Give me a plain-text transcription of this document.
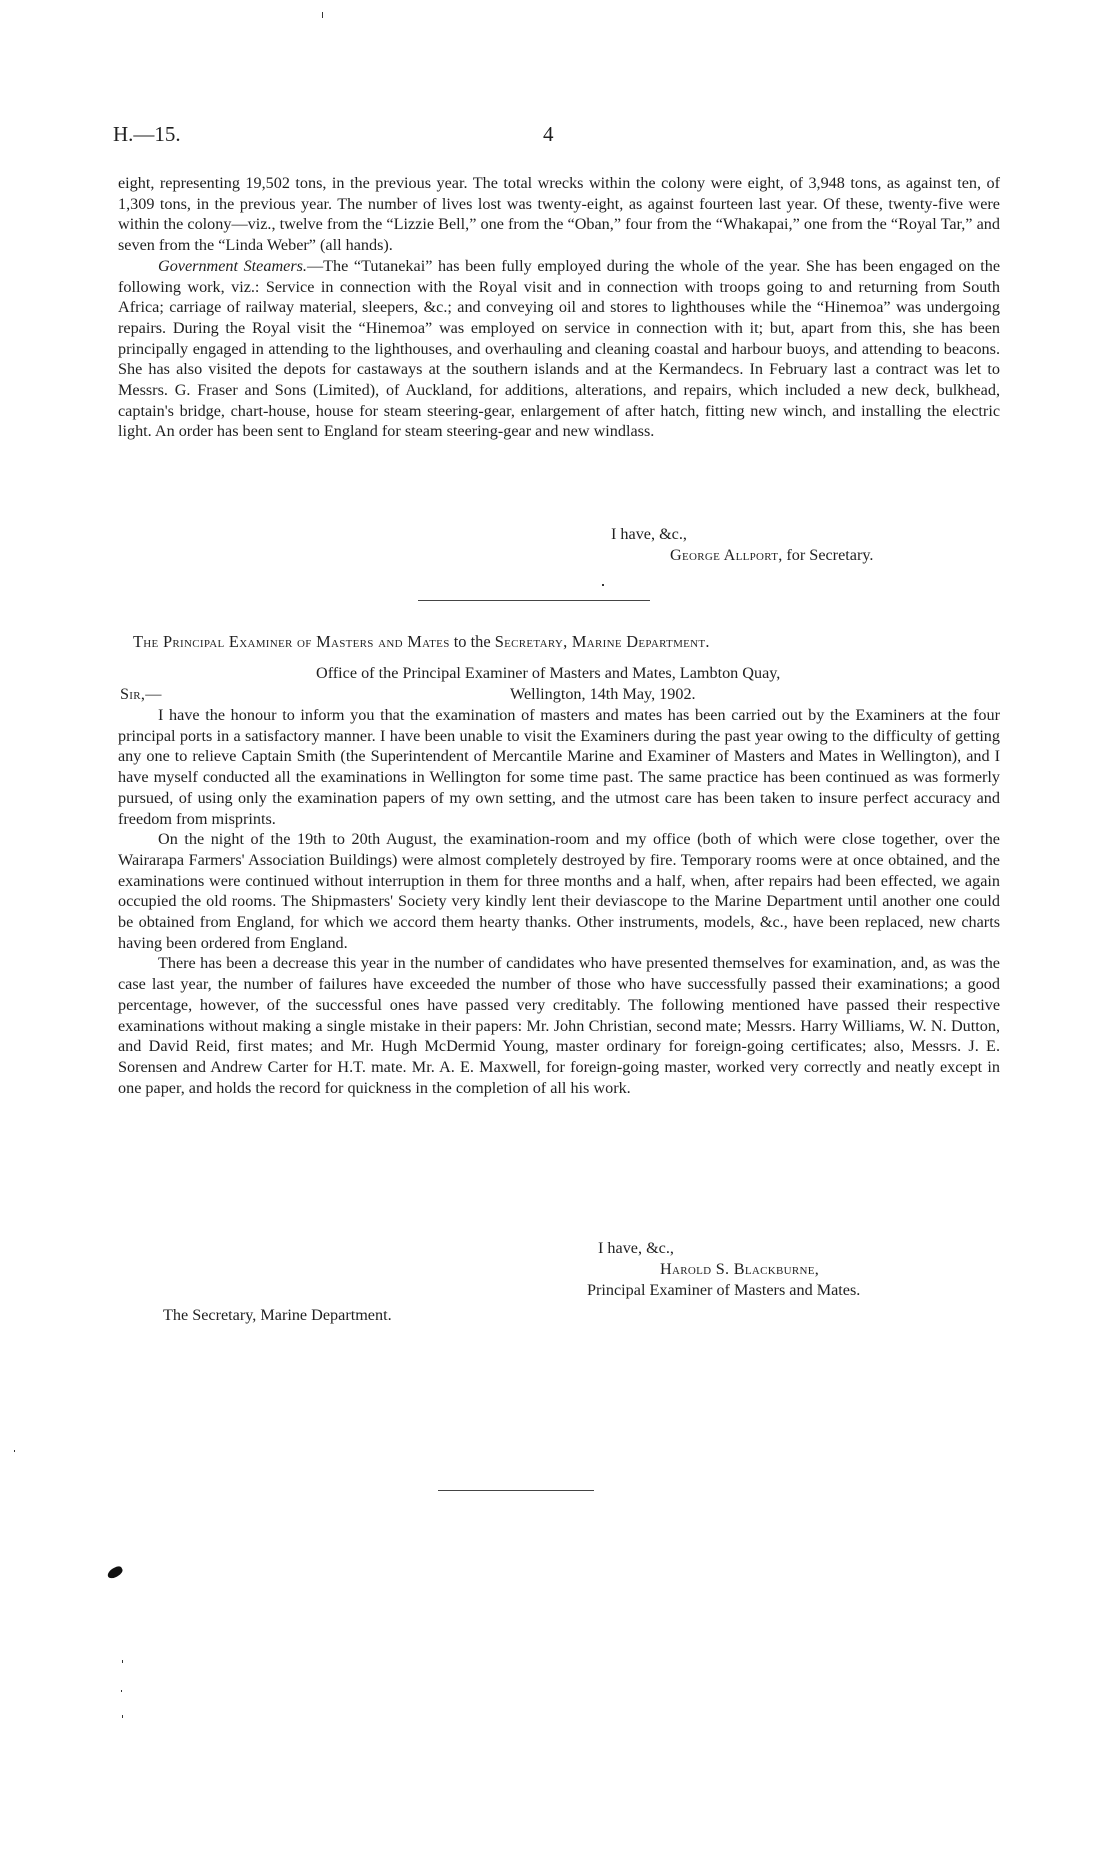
H.—15.	4

eight, representing 19,502 tons, in the previous year. The total wrecks within the colony were eight, of 3,948 tons, as against ten, of 1,309 tons, in the previous year. The number of lives lost was twenty-eight, as against fourteen last year. Of these, twenty-five were within the colony—viz., twelve from the “Lizzie Bell,” one from the “Oban,” four from the “Whakapai,” one from the “Royal Tar,” and seven from the “Linda Weber” (all hands).

Government Steamers.—The “Tutanekai” has been fully employed during the whole of the year. She has been engaged on the following work, viz.: Service in connection with the Royal visit and in connection with troops going to and returning from South Africa; carriage of railway material, sleepers, &c.; and conveying oil and stores to lighthouses while the “Hinemoa” was undergoing repairs. During the Royal visit the “Hinemoa” was employed on service in connection with it; but, apart from this, she has been principally engaged in attending to the lighthouses, and overhauling and cleaning coastal and harbour buoys, and attending to beacons. She has also visited the depots for castaways at the southern islands and at the Kermandecs. In February last a contract was let to Messrs. G. Fraser and Sons (Limited), of Auckland, for additions, alterations, and repairs, which included a new deck, bulkhead, captain's bridge, chart-house, house for steam steering-gear, enlargement of after hatch, fitting new winch, and installing the electric light. An order has been sent to England for steam steering-gear and new windlass.

I have, &c.,
George Allport, for Secretary.
The Principal Examiner of Masters and Mates to the Secretary, Marine Department.
Office of the Principal Examiner of Masters and Mates, Lambton Quay,
Sir,—	Wellington, 14th May, 1902.

I have the honour to inform you that the examination of masters and mates has been carried out by the Examiners at the four principal ports in a satisfactory manner. I have been unable to visit the Examiners during the past year owing to the difficulty of getting any one to relieve Captain Smith (the Superintendent of Mercantile Marine and Examiner of Masters and Mates in Wellington), and I have myself conducted all the examinations in Wellington for some time past. The same practice has been continued as was formerly pursued, of using only the examination papers of my own setting, and the utmost care has been taken to insure perfect accuracy and freedom from misprints.

On the night of the 19th to 20th August, the examination-room and my office (both of which were close together, over the Wairarapa Farmers' Association Buildings) were almost completely destroyed by fire. Temporary rooms were at once obtained, and the examinations were continued without interruption in them for three months and a half, when, after repairs had been effected, we again occupied the old rooms. The Shipmasters' Society very kindly lent their deviascope to the Marine Department until another one could be obtained from England, for which we accord them hearty thanks. Other instruments, models, &c., have been replaced, new charts having been ordered from England.

There has been a decrease this year in the number of candidates who have presented themselves for examination, and, as was the case last year, the number of failures have exceeded the number of those who have successfully passed their examinations; a good percentage, however, of the successful ones have passed very creditably. The following mentioned have passed their respective examinations without making a single mistake in their papers: Mr. John Christian, second mate; Messrs. Harry Williams, W. N. Dutton, and David Reid, first mates; and Mr. Hugh McDermid Young, master ordinary for foreign-going certificates; also, Messrs. J. E. Sorensen and Andrew Carter for H.T. mate. Mr. A. E. Maxwell, for foreign-going master, worked very correctly and neatly except in one paper, and holds the record for quickness in the completion of all his work.

I have, &c.,
Harold S. Blackburne,
Principal Examiner of Masters and Mates.
The Secretary, Marine Department.
